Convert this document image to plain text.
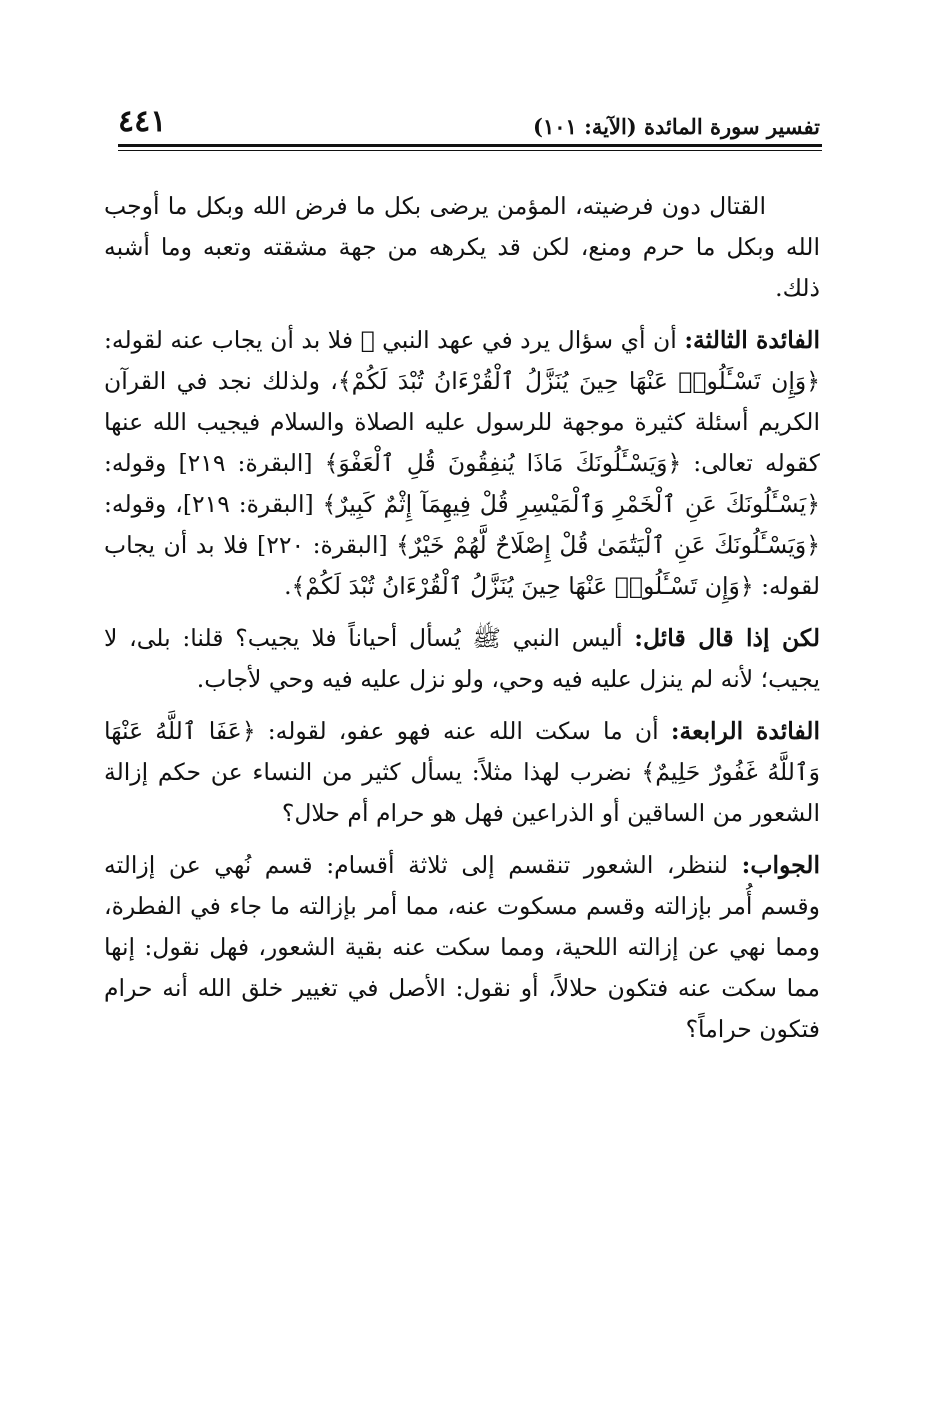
تفسير سورة المائدة (الآية: ١٠١)
٤٤١

القتال دون فرضيته، المؤمن يرضى بكل ما فرض الله وبكل ما أوجب الله وبكل ما حرم ومنع، لكن قد يكرهه من جهة مشقته وتعبه وما أشبه ذلك.

الفائدة الثالثة: أن أي سؤال يرد في عهد النبي ﷺ فلا بد أن يجاب عنه لقوله: ﴿وَإِن تَسْـَٔلُوا۟ عَنْهَا حِينَ يُنَزَّلُ ٱلْقُرْءَانُ تُبْدَ لَكُمْ﴾، ولذلك نجد في القرآن الكريم أسئلة كثيرة موجهة للرسول عليه الصلاة والسلام فيجيب الله عنها كقوله تعالى: ﴿وَيَسْـَٔلُونَكَ مَاذَا يُنفِقُونَ قُلِ ٱلْعَفْوَ﴾ [البقرة: ٢١٩] وقوله: ﴿يَسْـَٔلُونَكَ عَنِ ٱلْخَمْرِ وَٱلْمَيْسِرِ قُلْ فِيهِمَآ إِثْمٌ كَبِيرٌ﴾ [البقرة: ٢١٩]، وقوله: ﴿وَيَسْـَٔلُونَكَ عَنِ ٱلْيَتَٰمَىٰ قُلْ إِصْلَاحٌ لَّهُمْ خَيْرٌ﴾ [البقرة: ٢٢٠] فلا بد أن يجاب لقوله: ﴿وَإِن تَسْـَٔلُوا۟ عَنْهَا حِينَ يُنَزَّلُ ٱلْقُرْءَانُ تُبْدَ لَكُمْ﴾.

لكن إذا قال قائل: أليس النبي ﷺ يُسأل أحياناً فلا يجيب؟ قلنا: بلى، لا يجيب؛ لأنه لم ينزل عليه فيه وحي، ولو نزل عليه فيه وحي لأجاب.

الفائدة الرابعة: أن ما سكت الله عنه فهو عفو، لقوله: ﴿عَفَا ٱللَّهُ عَنْهَا وَٱللَّهُ غَفُورٌ حَلِيمٌ﴾ نضرب لهذا مثلاً: يسأل كثير من النساء عن حكم إزالة الشعور من الساقين أو الذراعين فهل هو حرام أم حلال؟

الجواب: لننظر، الشعور تنقسم إلى ثلاثة أقسام: قسم نُهي عن إزالته وقسم أُمر بإزالته وقسم مسكوت عنه، مما أمر بإزالته ما جاء في الفطرة، ومما نهي عن إزالته اللحية، ومما سكت عنه بقية الشعور، فهل نقول: إنها مما سكت عنه فتكون حلالاً، أو نقول: الأصل في تغيير خلق الله أنه حرام فتكون حراماً؟
